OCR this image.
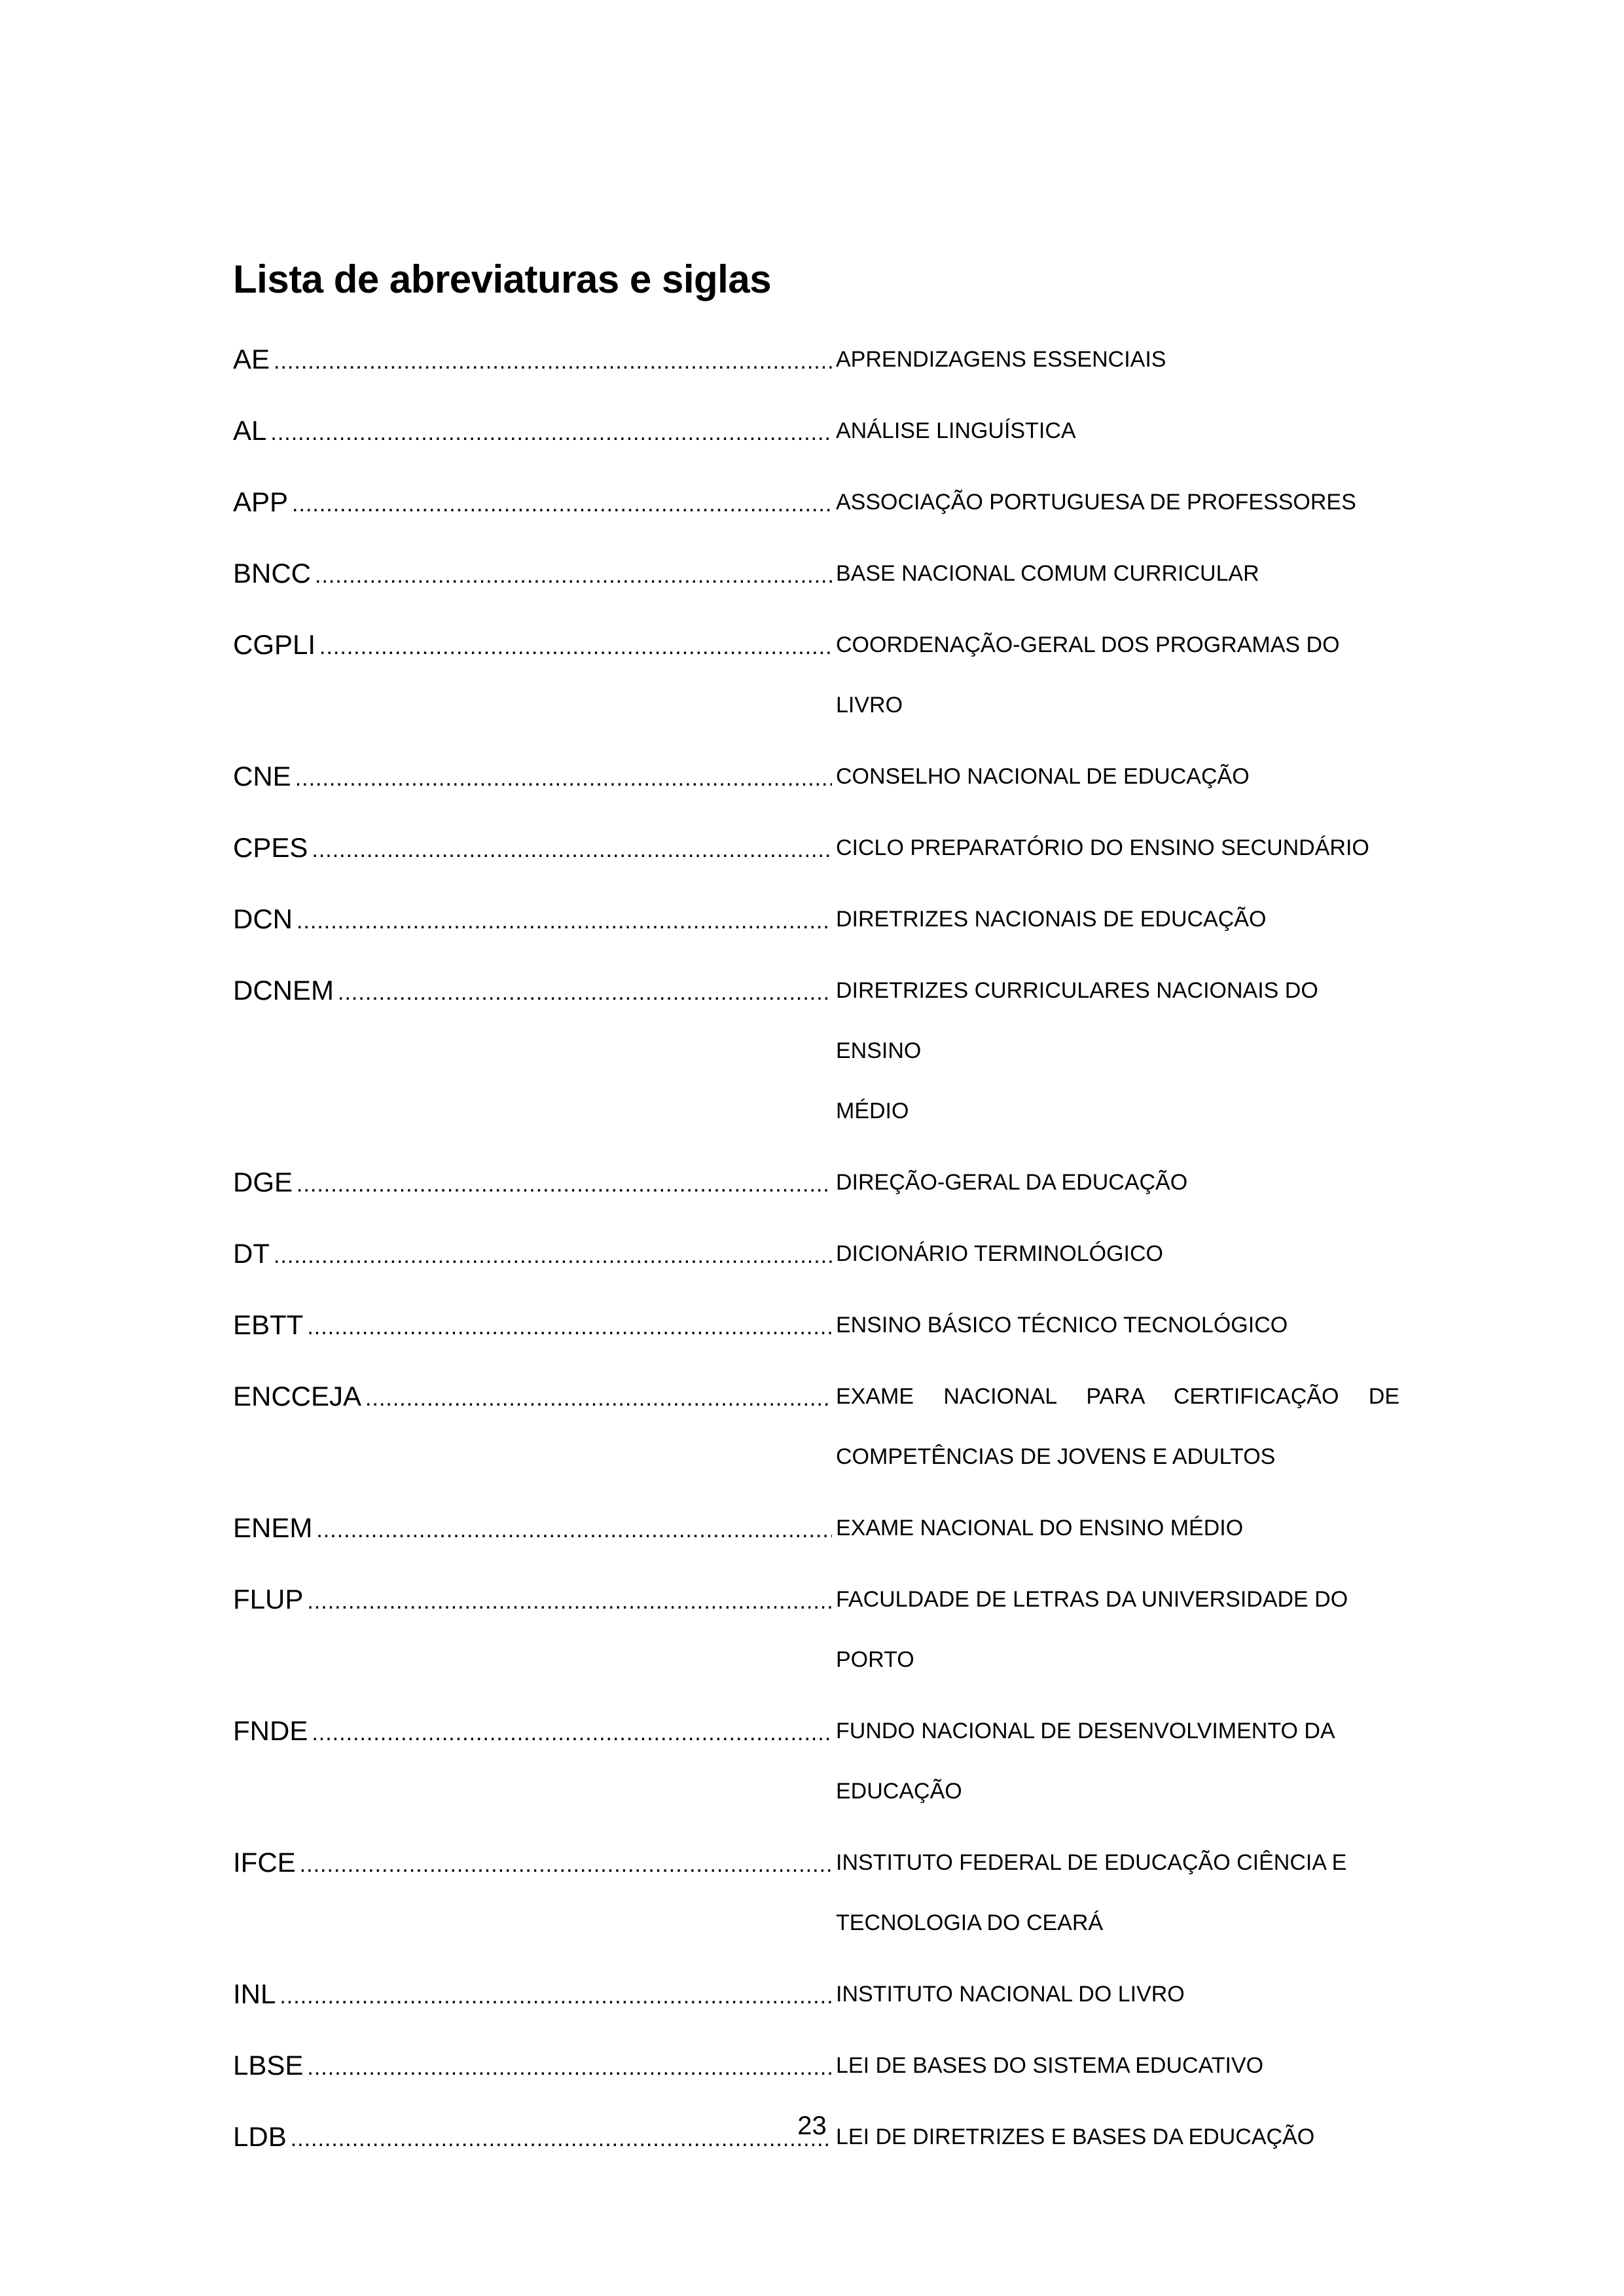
Lista de abreviaturas e siglas
AE .....	APRENDIZAGENS ESSENCIAIS
AL .....	ANÁLISE LINGUÍSTICA
APP .....	ASSOCIAÇÃO PORTUGUESA DE PROFESSORES
BNCC .....	BASE NACIONAL COMUM CURRICULAR
CGPLI .....	COORDENAÇÃO-GERAL DOS PROGRAMAS DO LIVRO
CNE .....	CONSELHO NACIONAL DE EDUCAÇÃO
CPES .....	CICLO PREPARATÓRIO DO ENSINO SECUNDÁRIO
DCN .....	DIRETRIZES NACIONAIS DE EDUCAÇÃO
DCNEM .....	DIRETRIZES CURRICULARES NACIONAIS DO ENSINO
MÉDIO
DGE .....	DIREÇÃO-GERAL DA EDUCAÇÃO
DT .....	DICIONÁRIO TERMINOLÓGICO
EBTT .....	ENSINO BÁSICO TÉCNICO TECNOLÓGICO
ENCCEJA .....	EXAME NACIONAL PARA CERTIFICAÇÃO DE
COMPETÊNCIAS DE JOVENS E ADULTOS
ENEM .....	EXAME NACIONAL DO ENSINO MÉDIO
FLUP .....	FACULDADE DE LETRAS DA UNIVERSIDADE DO
PORTO
FNDE .....	FUNDO NACIONAL DE DESENVOLVIMENTO DA
EDUCAÇÃO
IFCE .....	INSTITUTO FEDERAL DE EDUCAÇÃO CIÊNCIA E
TECNOLOGIA DO CEARÁ
INL .....	INSTITUTO NACIONAL DO LIVRO
LBSE .....	LEI DE BASES DO SISTEMA EDUCATIVO
LDB .....	LEI DE DIRETRIZES E BASES DA EDUCAÇÃO
23
